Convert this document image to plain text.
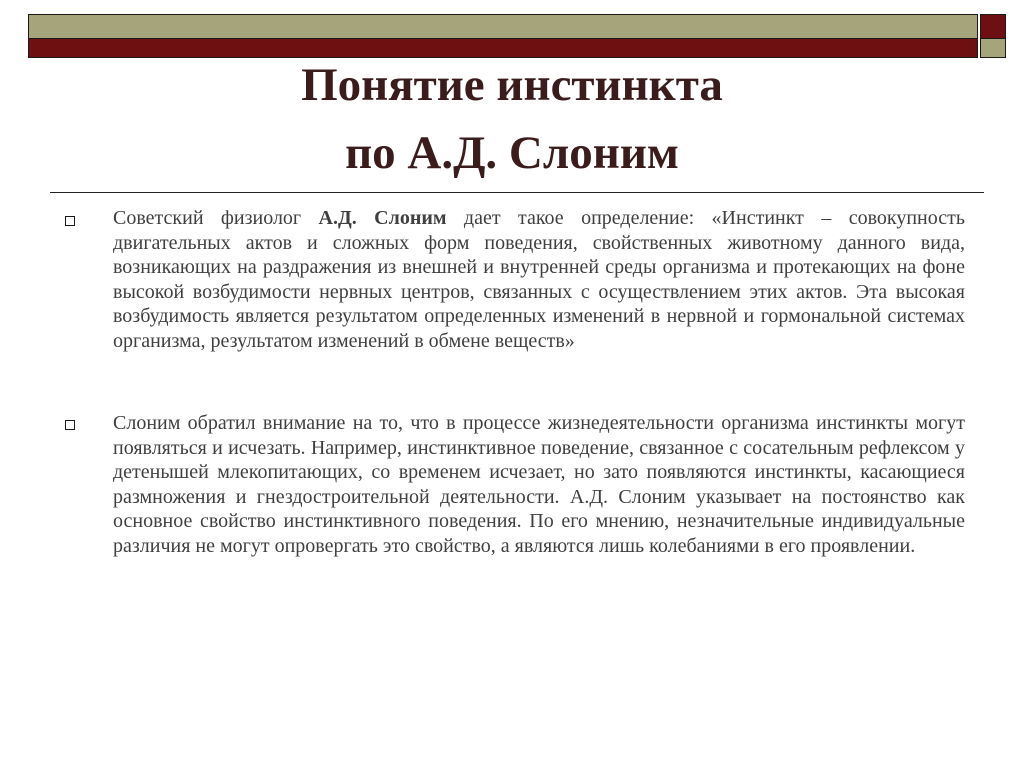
Понятие инстинкта
по А.Д. Слоним
Советский физиолог А.Д. Слоним дает такое определение: «Инстинкт – совокупность двигательных актов и сложных форм поведения, свойственных животному данного вида, возникающих на раздражения из внешней и внутренней среды организма и протекающих на фоне высокой возбудимости нервных центров, связанных с осуществлением этих актов. Эта высокая возбудимость является результатом определенных изменений в нервной и гормональной системах организма, результатом изменений в обмене веществ»
Слоним обратил внимание на то, что в процессе жизнедеятельности организма инстинкты могут появляться и исчезать. Например, инстинктивное поведение, связанное с сосательным рефлексом у детенышей млекопитающих, со временем исчезает, но зато появляются инстинкты, касающиеся размножения и гнездостроительной деятельности. А.Д. Слоним указывает на постоянство как основное свойство инстинктивного поведения. По его мнению, незначительные индивидуальные различия не могут опровергать это свойство, а являются лишь колебаниями в его проявлении.
